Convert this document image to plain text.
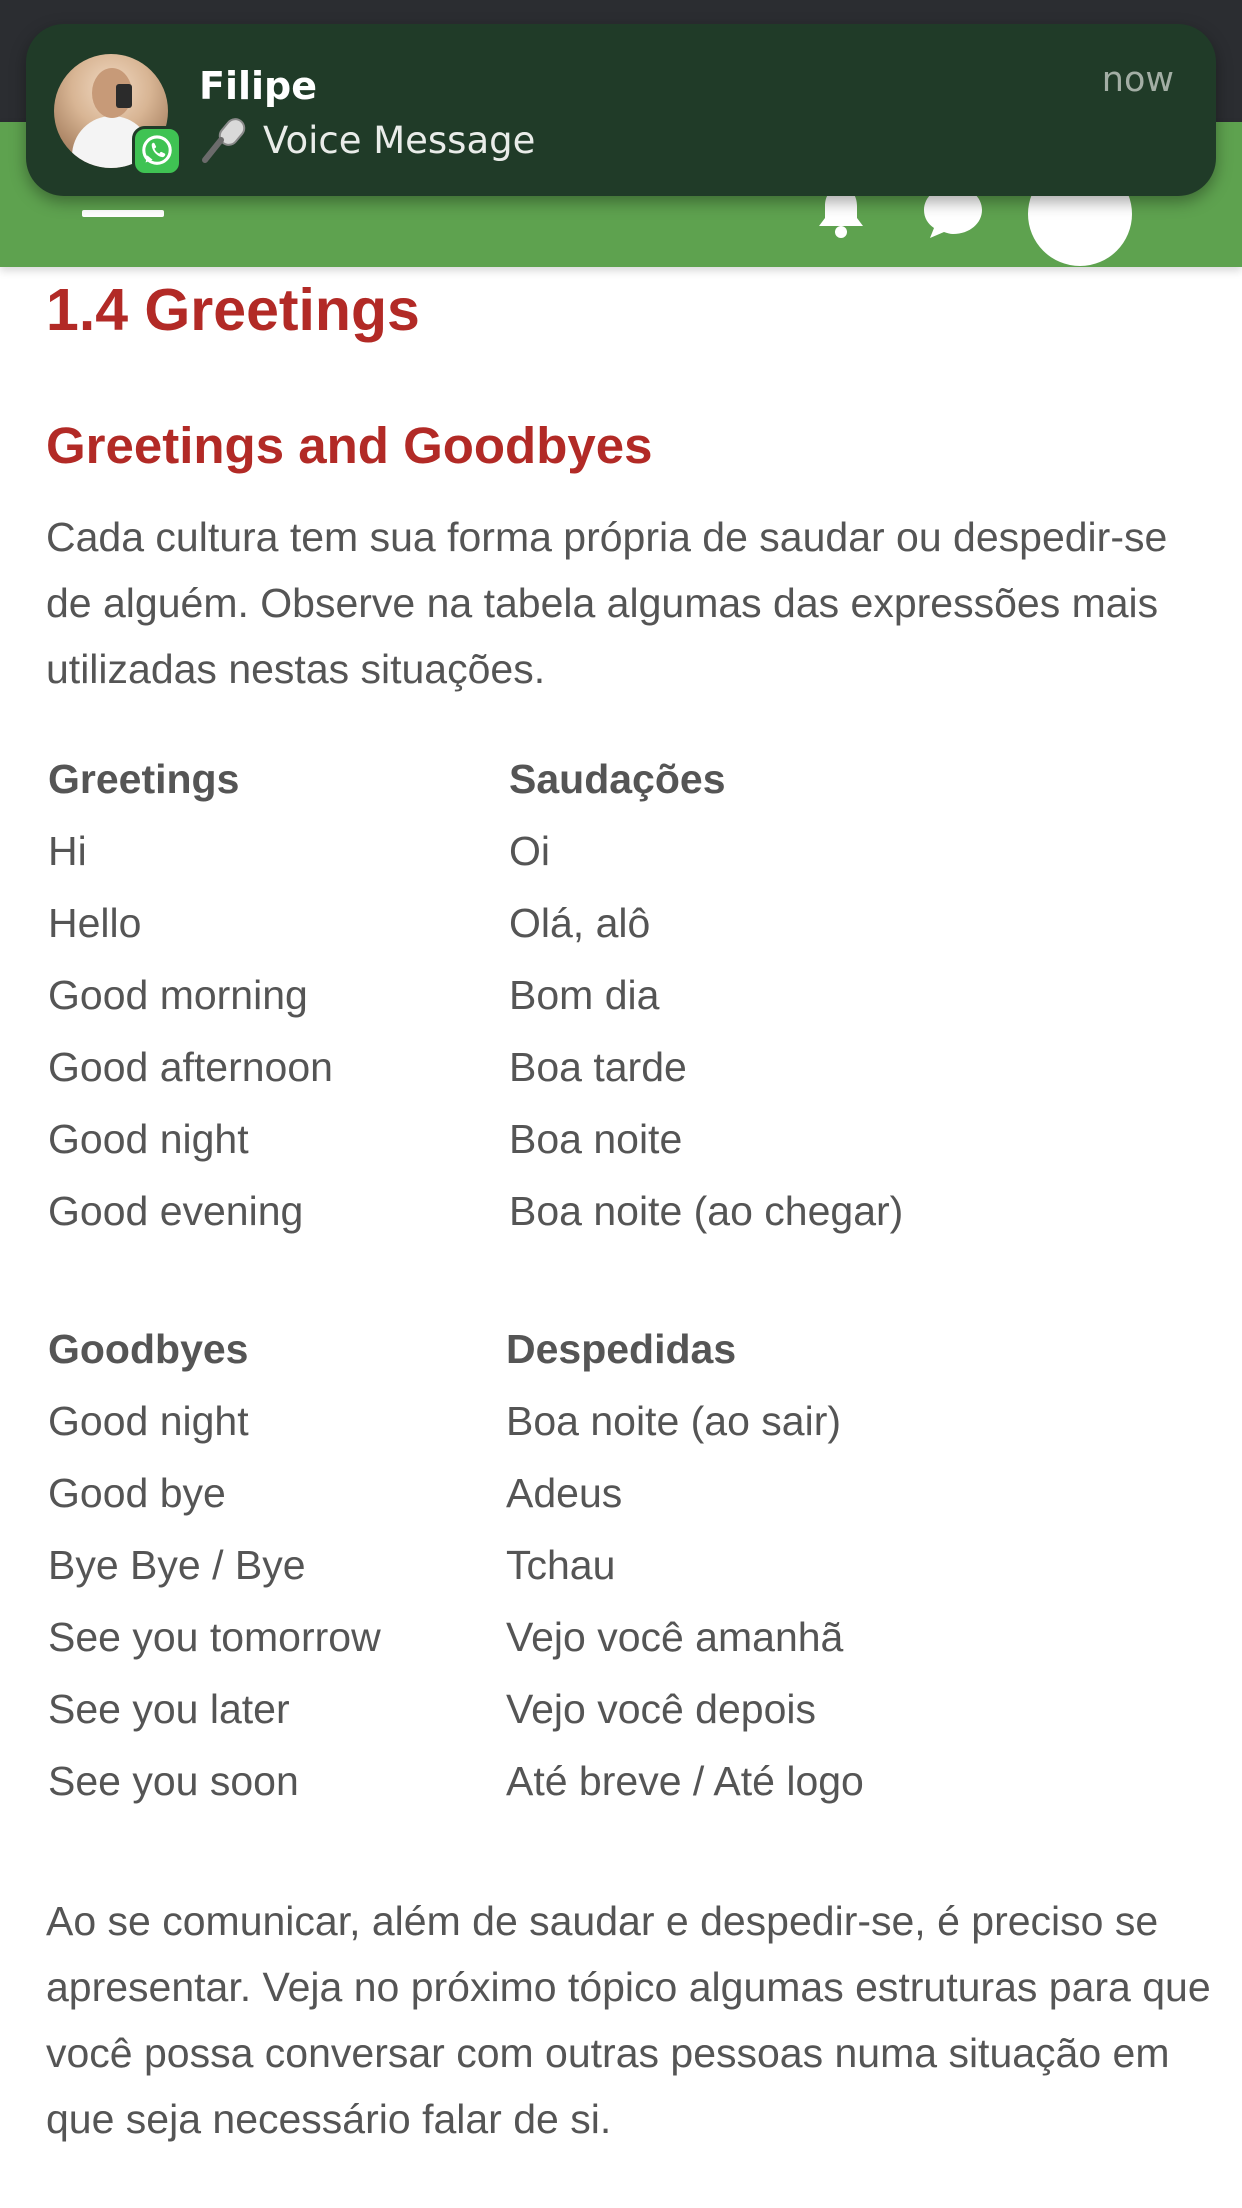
Filipe
Voice Message
now
1.4 Greetings
Greetings and Goodbyes

Cada cultura tem sua forma própria de saudar ou despedir-se de alguém. Observe na tabela algumas das expressões mais utilizadas nestas situações.

Greetings	Saudações
Hi	Oi
Hello	Olá, alô
Good morning	Bom dia
Good afternoon	Boa tarde
Good night	Boa noite
Good evening	Boa noite (ao chegar)
Goodbyes	Despedidas
Good night	Boa noite (ao sair)
Good bye	Adeus
Bye Bye / Bye	Tchau
See you tomorrow	Vejo você amanhã
See you later	Vejo você depois
See you soon	Até breve / Até logo

Ao se comunicar, além de saudar e despedir-se, é preciso se apresentar. Veja no próximo tópico algumas estruturas para que você possa conversar com outras pessoas numa situação em que seja necessário falar de si.
